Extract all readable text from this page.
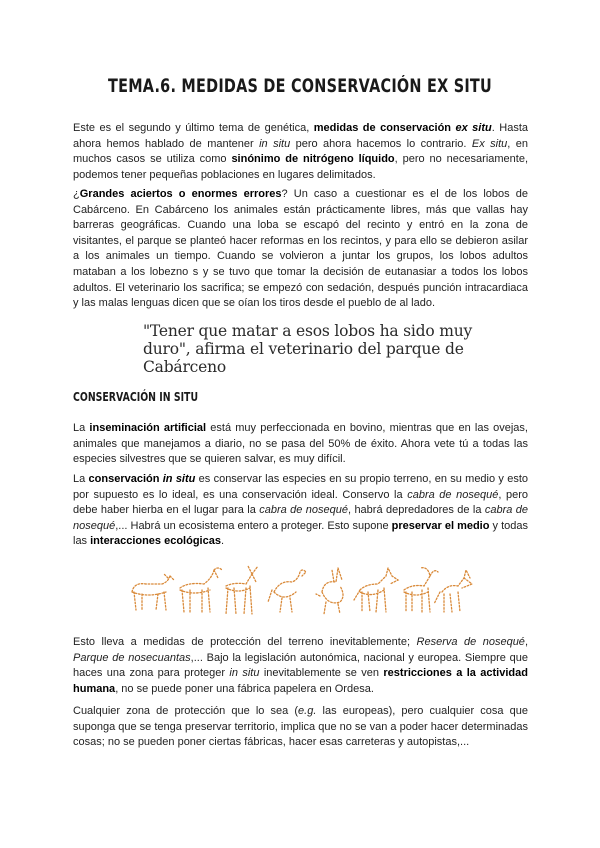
TEMA.6. MEDIDAS DE CONSERVACIÓN EX SITU

Este es el segundo y último tema de genética, medidas de conservación ex situ. Hasta ahora hemos hablado de mantener in situ pero ahora hacemos lo contrario. Ex situ, en muchos casos se utiliza como sinónimo de nitrógeno líquido, pero no necesariamente, podemos tener pequeñas poblaciones en lugares delimitados.

¿Grandes aciertos o enormes errores? Un caso a cuestionar es el de los lobos de Cabárceno. En Cabárceno los animales están prácticamente libres, más que vallas hay barreras geográficas. Cuando una loba se escapó del recinto y entró en la zona de visitantes, el parque se planteó hacer reformas en los recintos, y para ello se debieron asilar a los animales un tiempo. Cuando se volvieron a juntar los grupos, los lobos adultos mataban a los lobezno s y se tuvo que tomar la decisión de eutanasiar a todos los lobos adultos. El veterinario los sacrifica; se empezó con sedación, después punción intracardiaca y las malas lenguas dicen que se oían los tiros desde el pueblo de al lado.

"Tener que matar a esos lobos ha sido muy duro", afirma el veterinario del parque de Cabárceno
CONSERVACIÓN IN SITU

La inseminación artificial está muy perfeccionada en bovino, mientras que en las ovejas, animales que manejamos a diario, no se pasa del 50% de éxito. Ahora vete tú a todas las especies silvestres que se quieren salvar, es muy difícil.

La conservación in situ es conservar las especies en su propio terreno, en su medio y esto por supuesto es lo ideal, es una conservación ideal. Conservo la cabra de nosequé, pero debe haber hierba en el lugar para la cabra de nosequé, habrá depredadores de la cabra de nosequé,... Habrá un ecosistema entero a proteger. Esto supone preservar el medio y todas las interacciones ecológicas.

Esto lleva a medidas de protección del terreno inevitablemente; Reserva de nosequé, Parque de nosecuantas,... Bajo la legislación autonómica, nacional y europea. Siempre que haces una zona para proteger in situ inevitablemente se ven restricciones a la actividad humana, no se puede poner una fábrica papelera en Ordesa.

Cualquier zona de protección que lo sea (e.g. las europeas), pero cualquier cosa que suponga que se tenga preservar territorio, implica que no se van a poder hacer determinadas cosas; no se pueden poner ciertas fábricas, hacer esas carreteras y autopistas,...
